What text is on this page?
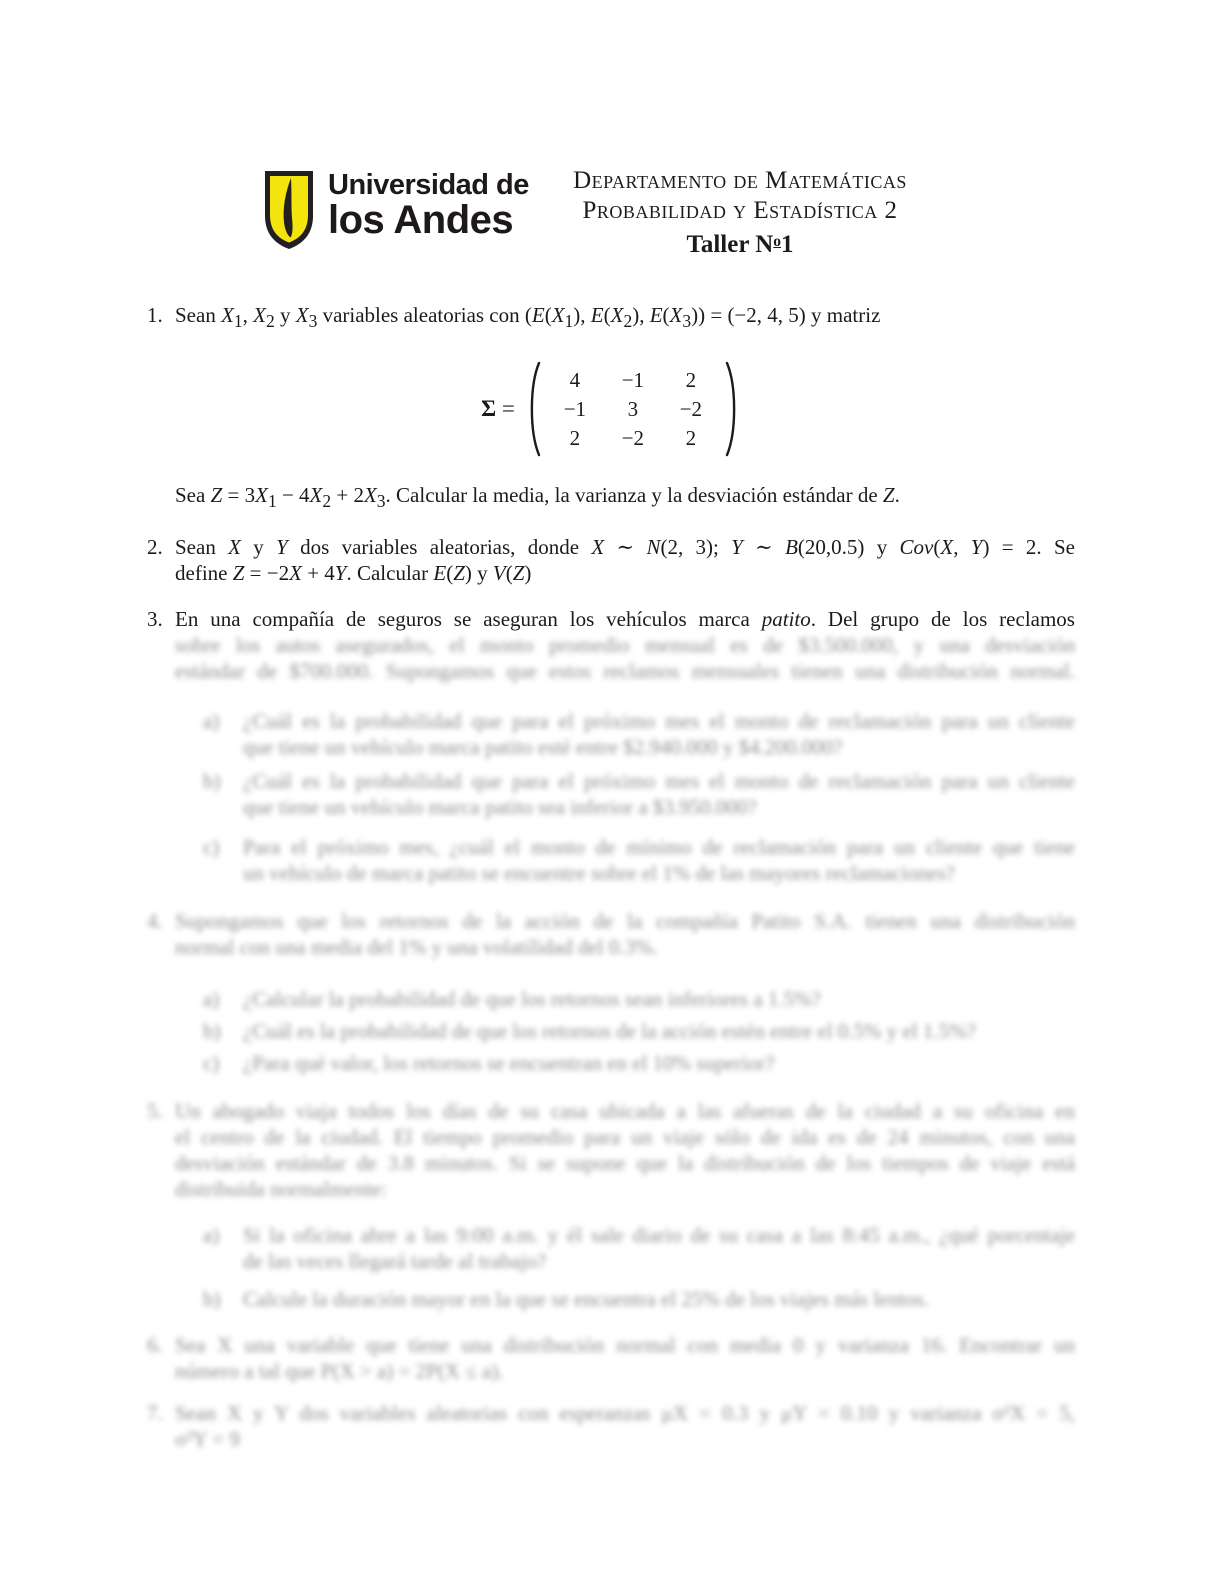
Universidad de
los Andes
Departamento de Matemáticas
Probabilidad y Estadística 2
Taller $N^o1$
1. Sean $X_1$, $X_2$ y $X_3$ variables aleatorias con ($E(X_1)$, $E(X_2)$, $E(X_3)) = (-2$, 4, 5) y matriz
Σ =
4	−1	2
−1	3	−2
2	−2	2
Sea $Z = 3X_1 - 4X_2 + 2X_3$. Calcular la media, la varianza y la desviación estándar de Z.
2. Sean X y Y dos variables aleatorias, donde X ∼ N(2, 3); Y ∼ B(20,0.5) y Cov(X, Y) = 2. Se
define Z = −2X + 4Y. Calcular E(Z) y V(Z)
3. En una compañía de seguros se aseguran los vehículos marca patito. Del grupo de los reclamos
sobre los autos asegurados, el monto promedio mensual es de $3.500.000, y una desviación
estándar de $700.000. Supongamos que estos reclamos mensuales tienen una distribución normal.
a)	¿Cuál es la probabilidad que para el próximo mes el monto de reclamación para un cliente
que tiene un vehículo marca patito esté entre $2.940.000 y $4.200.000?
b)	¿Cuál es la probabilidad que para el próximo mes el monto de reclamación para un cliente
que tiene un vehículo marca patito sea inferior a $3.950.000?
c)	Para el próximo mes, ¿cuál el monto de mínimo de reclamación para un cliente que tiene
un vehículo de marca patito se encuentre sobre el 1% de las mayores reclamaciones?
4. Supongamos que los retornos de la acción de la compañía Patito S.A. tienen una distribución
normal con una media del 1% y una volatilidad del 0.3%.
a)	¿Calcular la probabilidad de que los retornos sean inferiores a 1.5%?
b)	¿Cuál es la probabilidad de que los retornos de la acción estén entre el 0.5% y el 1.5%?
c)	¿Para qué valor, los retornos se encuentran en el 10% superior?
5. Un abogado viaja todos los días de su casa ubicada a las afueras de la ciudad a su oficina en
el centro de la ciudad. El tiempo promedio para un viaje sólo de ida es de 24 minutos, con una
desviación estándar de 3.8 minutos. Si se supone que la distribución de los tiempos de viaje está
distribuida normalmente:
a)	Si la oficina abre a las 9:00 a.m. y él sale diario de su casa a las 8:45 a.m., ¿qué porcentaje
de las veces llegará tarde al trabajo?
b)	Calcule la duración mayor en la que se encuentra el 25% de los viajes más lentos.
6. Sea X una variable que tiene una distribución normal con media 0 y varianza 16. Encontrar un
número a tal que P(X > a) = 2P(X ≤ a).
7. Sean X y Y dos variables aleatorias con esperanzas μX = 0.3 y μY = 0.10 y varianza σ²X = 5,
σ²Y = 9
